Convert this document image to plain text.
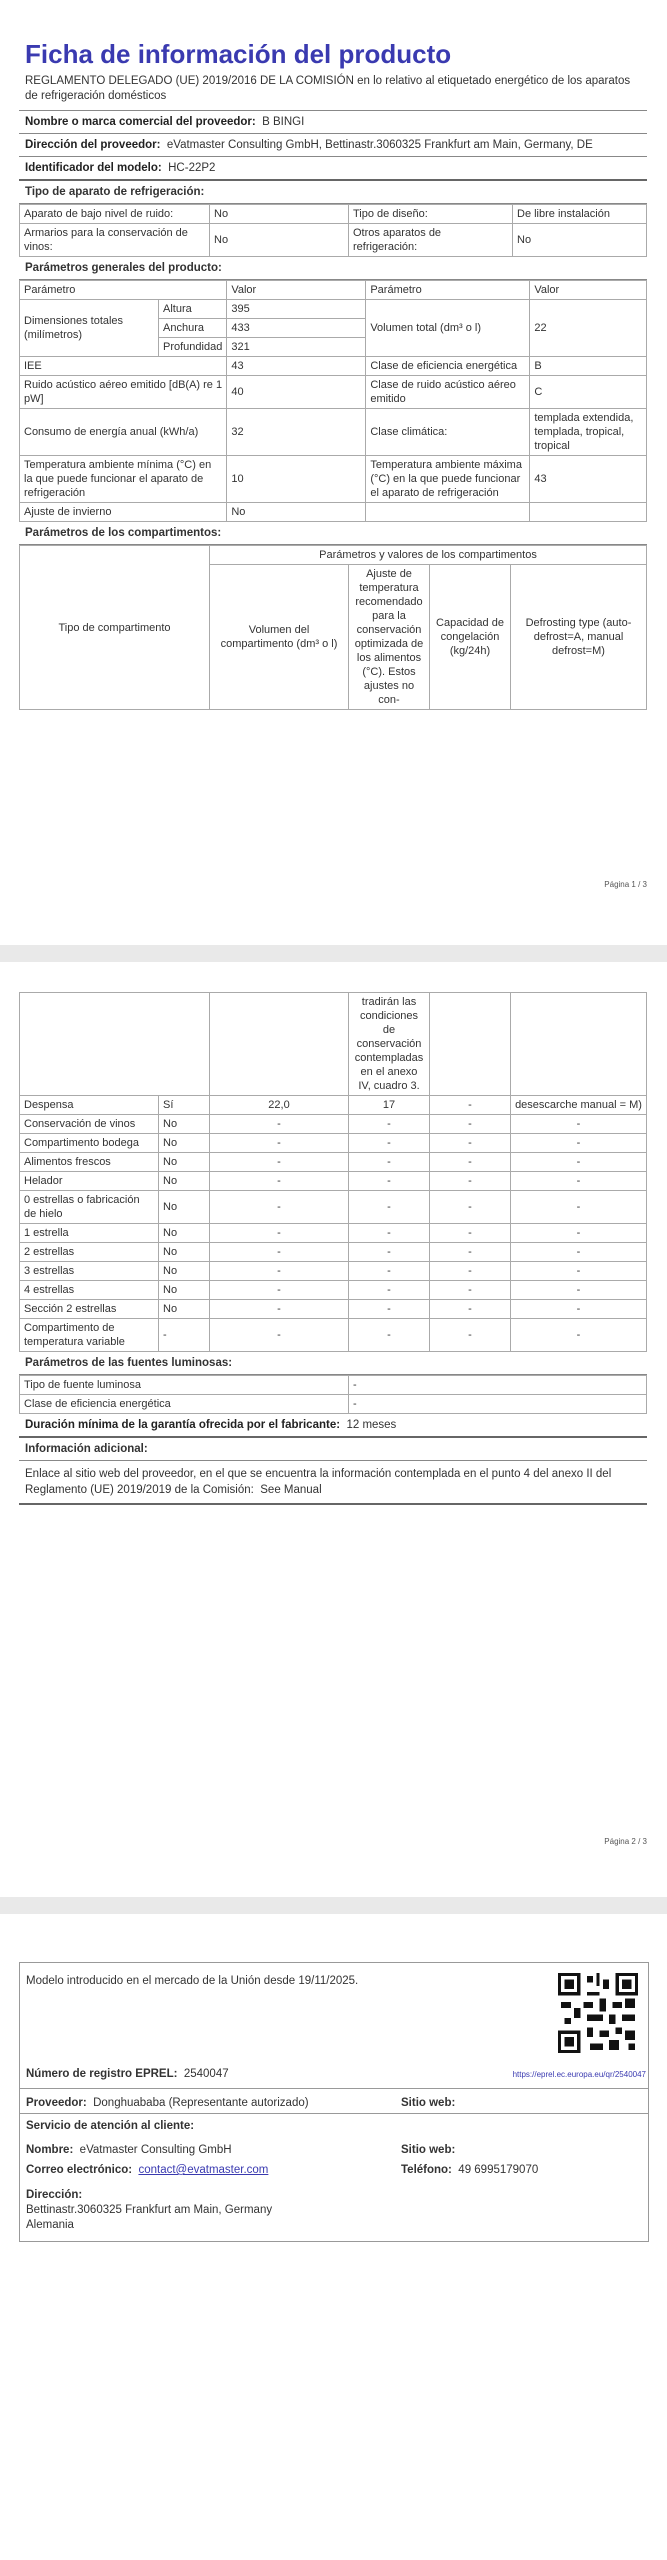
Ficha de información del producto
REGLAMENTO DELEGADO (UE) 2019/2016 DE LA COMISIÓN en lo relativo al etiquetado energético de los aparatos de refrigeración domésticos
Nombre o marca comercial del proveedor: B BINGI
Dirección del proveedor: eVatmaster Consulting GmbH, Bettinastr.3060325 Frankfurt am Main, Germany, DE
Identificador del modelo: HC-22P2
Tipo de aparato de refrigeración:
Aparato de bajo nivel de ruido:	No	Tipo de diseño:	De libre instalación
Armarios para la conservación de vinos:	No	Otros aparatos de refrigeración:	No
Parámetros generales del producto:
Parámetro		Valor	Parámetro	Valor
Dimensiones totales (milímetros)	Altura	395	Volumen total (dm³ o l)	22
	Anchura	433		
	Profundidad	321		
IEE		43	Clase de eficiencia energética	B
Ruido acústico aéreo emitido [dB(A) re 1 pW]		40	Clase de ruido acústico aéreo emitido	C
Consumo de energía anual (kWh/a)		32	Clase climática:	templada extendida, templada, tropical, tropical
Temperatura ambiente mínima (°C) en la que puede funcionar el aparato de refrigeración		10	Temperatura ambiente máxima (°C) en la que puede funcionar el aparato de refrigeración	43
Ajuste de invierno		No		
Parámetros de los compartimentos:
Tipo de compartimento	Parámetros y valores de los compartimentos			
	Volumen del compartimento (dm³ o l)	Ajuste de temperatura recomendado para la conservación optimizada de los alimentos (°C). Estos ajustes no con-	Capacidad de congelación (kg/24h)	Defrosting type (auto-defrost=A, manual defrost=M)
Página 1 / 3
			tradirán las condiciones de conservación contempladas en el anexo IV, cuadro 3.		
Despensa	Sí	22,0	17	-	desescarche manual = M)
Conservación de vinos	No	-	-	-	-
Compartimento bodega	No	-	-	-	-
Alimentos frescos	No	-	-	-	-
Helador	No	-	-	-	-
0 estrellas o fabricación de hielo	No	-	-	-	-
1 estrella	No	-	-	-	-
2 estrellas	No	-	-	-	-
3 estrellas	No	-	-	-	-
4 estrellas	No	-	-	-	-
Sección 2 estrellas	No	-	-	-	-
Compartimento de temperatura variable	-	-	-	-	-
Parámetros de las fuentes luminosas:
Tipo de fuente luminosa	-
Clase de eficiencia energética	-
Duración mínima de la garantía ofrecida por el fabricante: 12 meses
Información adicional:
Enlace al sitio web del proveedor, en el que se encuentra la información contemplada en el punto 4 del anexo II del Reglamento (UE) 2019/2019 de la Comisión: See Manual
Página 2 / 3
Modelo introducido en el mercado de la Unión desde 19/11/2025.
Número de registro EPREL: 2540047	https://eprel.ec.europa.eu/qr/2540047
Proveedor: Donghuababa (Representante autorizado)	Sitio web:
Servicio de atención al cliente:
Nombre: eVatmaster Consulting GmbH	Sitio web:
Correo electrónico: contact@evatmaster.com	Teléfono: 49 6995179070
Dirección:
Bettinastr.3060325 Frankfurt am Main, Germany
Alemania
